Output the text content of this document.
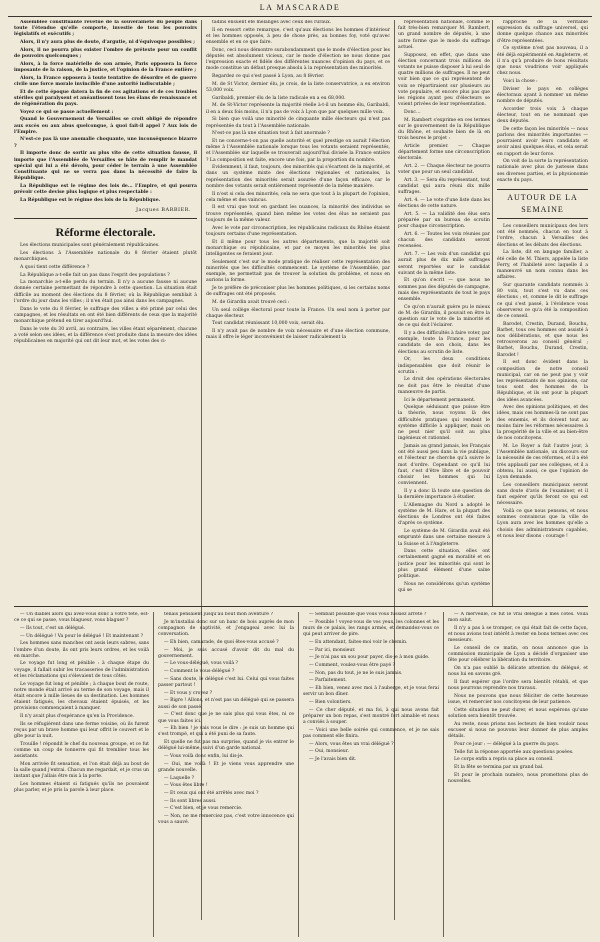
LA MASCARADE

Assemblée constituante revêtue de la souveraineté du peuple dans toute l'étendue qu'elle comporte, investie de tous les pouvoirs législatifs et exécutifs ;

Alors, il n'y aura plus de doute, d'argutie, ni d'équivoque possibles ;

Alors, il ne pourra plus exister l'ombre de prétexte pour un conflit de pouvoirs quelconques ;

Alors, à la force matérielle de son armée, Paris opposera la force imposante de la raison, de la justice, et l'opinion de la France entière ;

Alors, la France opposera à toute tentative de désordre et de guerre civile une force morale invincible d'une autorité indiscutable ;

Et de cette époque datera la fin de ces agitations et de ces troubles stériles qui paralysent et anéantissent tous les élans de renaissance et de régénération du pays.

Voyez ce qui se passe actuellement :

Quand le Gouvernement de Versailles se croit obligé de répondre aux excès ou aux abus quelconque, à quoi fait-il appel ? Aux lois de l'Empire.

N'est-ce pas là une anomalie choquante, une inconséquence bizarre ?

Il importe donc de sortir au plus vite de cette situation fausse, il importe que l'Assemblée de Versailles se hâte de remplir le mandat spécial qui lui a été dévolu, pour céder le terrain à une Assemblée Constituante qui ne se verra pas dans la nécessité de faire la République.

La République est le régime des lois de... l'Empire, et qui pourra prévoir cette devise plus logique et plus respectable :

La République est le régime des lois de la République.

Jacques BARBIER.
Réforme électorale.

Les élections municipales sont généralement républicaines.

Les élections à l'Assemblée nationale du 8 février étaient plutôt monarchiques.

A quoi tient cette différence ?

La République a-t-elle fait un pas dans l'esprit des populations ?

La monarchie a-t-elle perdu du terrain. Il n'y a aucune fausse ni aucune donnée certaine permettant de répondre à cette question. La situation était difficile au moment des élections du 8 février, où la République semblait à l'ordre du jour dans les villes ; il n'en était pas ainsi dans les campagnes.

Dans le vote du 8 février, le suffrage des villes a été primé par celui des campagnes, et les résultats en ont été bien différents de ceux que la majorité monarchique prétend en tirer aujourd'hui.

Dans le vote du 30 avril, au contraire, les villes étant séparément, chacune a voté selon ses idées, et la différence s'est produite dans la mesure des idées républicaines en majorité qui ont dit leur mot, et les votes des ci-

tadins ensuent été mélangés avec ceux des ruraux.

Il en ressort cette remarque, c'est qu'aux élections les hommes d'intérieur et les hommes opposés, à peu de chose près, au bonnes foy, voté qu'avec ensemble et en ce que faire.

Donc, ceci nous démontre surabondamment que le mode d'élection pour les députés est absolument vicieux, car le mode d'élection ne nous donne pas l'expression exacte et fidèle des différentes nuances d'opinion du pays, et ce mode constitue un défaut presque absolu à la représentation des minorités.

Regardez ce qui s'est passé à Lyon, au 8 février.

M. de St Victor, dernier élu, je crois, de la liste conservatrice, a eu environ 53,000 voix.

Garibaldi, premier élu de la liste radicale en a eu 68,000.

M. de St-Victor représente la majorité réelle à-t-il un homme élu, Garibaldi, il en a deux fois moins, il n'a pas de voix à Lyon que par quelques mille voix.

Si bien que voilà une minorité de cinquante mille électeurs qui n'est pas représentée du tout à l'Assemblée nationale.

N'est-ce pas là une situation tout à fait anormale ?

Et ne concerne-t-on pas quelle autorité et quel prestige on aurait l'élection même à l'Assemblée nationale lorsque tous les votants seraient représentés, et l'Assemblée sur laquelle se trouverait aujourd'hui divisée la France entière ? La composition est faite, encore une fois, par la proportion du nombre.

Evidemment, il faut, toujours, des minorités qui s'écartent de la majorité, et dans un système mixte des élections régionales et nationales, la représentation des minorités serait assurée d'une façon efficace, car le nombre des votants serait entièrement représenté de la même manière.

Il n'est si cela des minorités, cela ne sera que tout à la plupart de l'opinion, cela même et des vaincus.

Il est vrai que tout en gardant les nuances, la minorité des individus se trouve représentée, quand bien même les votes des élus ne seraient pas toujours de la même valeur.

Avec le vote par circonscription, les républicains radicaux du Rhône étaient toujours certains d'une représentation.

Et il même pour tous les autres départements, que la majorité soit monarchique ou républicaine, et par ce moyen les minorités les plus intelligentes se feraient jour.

Seulement c'est sur le mode pratique de réaliser cette représentation des minorités que les difficultés commencent. Le système de l'Assemblée, par exemple, ne permettait pas de trouver la solution du problème, et nous en aurions la forme.

Je te préfère de préconiser plus les hommes politiques, si les certains noms de suffrages ont été proposés.

M. de Girardin avait trouvé ceci :

Un seul collège électoral pour toute la France. Un seul nom à porter par chaque électeur.

Tout candidat réunissant 10,000 voix, serait élu.

Il n'y avait pas de nombre de voix nécessaire et d'une élection commune, mais il offre le léger inconvénient de laisser radicalement la

représentation nationale, comme le fait très-bien remarquer M. Rambert, un grand nombre de députés, à une autre forme que le mode du suffrage actuel.

Supposez, en effet, que dans une élection concernant trois millions de votants ne puisse disposer à lui seul de quatre millions de suffrages. Il ne peut voir bien que ce qui représentent de voix se répartiraient sur plusieurs au vote populaire, et encore plus pas que les régions ayant peu d'électeurs se voient privées de leur représentation.

Donc…

M. Rambert s'exprime en ces termes sur le gouvernement de la République du Rhône, et souhaite bien de là en trois heures le projet :

Article premier. — Chaque département forme une circonscription électorale.

Art. 2. — Chaque électeur ne pourra voter que pour un seul candidat.

Art. 3. — Sera élu représentant, tout candidat qui aura réuni dix mille suffrages.

Art. 4. — Le vote d'une liste dans les élections de cette nature.

Art. 5. — La validité des élus sera préparée par un bureau de scrutin pour chaque circonscription.

Art. 6. — Toutes les voix réunies par chacun des candidats seront recensées.

Art. 7. — Les voix d'un candidat qui aurait plus de dix mille suffrages seront reportées sur le candidat suivant de la même liste.

Et qu'on s'ecrit — que nous ne sommes pas des députés de campagne, mais des représentants de tout le pays ensemble.

Ce qu'on n'aurait guère pu le mieux de M. de Girardin, il pouvait en être la question sur le vote de la minorité et de ce qui doit l'éclairer.

Il y a des difficultés à faire voter, par exemple, toute la France, pour les candidats de son choix, dans les élections au scrutin de liste.

Or, les deux conditions indispensables que doit réunir le scrutin :

Le droit des opérations électorales ne doit pas être le résultat d'une manœuvre de partis.

Ici le département permanent.

Quelque séduisant que puisse être la théorie, nous voyons là des difficultés pratiques qui rendent le système difficile à appliquer, mais on ne peut nier qu'il soit au plus ingénieux et rationnel.

Jamais au grand jamais, les Français ont été aussi peu dans la vie publique, et l'électeur ne cherche qu'à suivre le mot d'ordre. Cependant ce qu'il lui faut, c'est d'être libre et de pouvoir choisir les hommes qui lui conviennent.

Il y a donc là toute une question de la dernière importance à étudier.

L'Allemagne du Nord a adopté le système de M. Hare, et la plupart des élections de Londres ont été faites d'après ce système.

Le système de M. Girardin avait été emprunté dans une certaine mesure à la Suisse et à l'Angleterre.

Dans cette situation, elles ont certainement gagné en moralité et en justice pour les minorités qui sont le plus grand élément d'une saine politique.

Nous ne considérons qu'un système qui se

rapproche de la véritable expression du suffrage universel, qui donne quelque chance aux minorités d'être représentées.

Ce système n'est pas nouveau, il a été déjà expérimenté en Angleterre, et il n'a qu'à produire de bons résultats que nous voudrions voir appliqués chez nous.

Voici la chose :

Diviser le pays en collèges électoraux ayant à nommer un même nombre de députés.

Accorder trois voix à chaque électeur, tout en ne nommant que deux députés.

De cette façon les minorités — nous parlons des minorités importantes — pourraient avoir leurs candidats et avoir ainsi quelques élus, et cela serait en rapport de leur force.

On voit de la sorte la représentation nationale avec plus de justesse dans ses diverses parties, et la physionomie exacte du pays.

AUTOUR DE LA SEMAINE

Les conseillers municipaux des lors ont été nommés, chacun en tout à l'ordre, chacun à Versailles des élections et les débats des élections.

La liste, dit en langage familier, a été celle de M. Thiers, appelée la liste Ferry, et l'habileté avec laquelle il a manœuvré un nom connu dans les affaires.

Sur quarante candidats nommés à 80 voix, tout s'est vu dans ces élections ; et, comme le dit le suffrage ce qui s'est passé, à l'évidence vous observerez ce qu'a été la composition de ce conseil.

Barodet, Crestin, Durand, Bouchu, Barbet, tous ces hommes ont assisté à nos délibérations, et que nous les retrouverons au conseil général ; Barbet, Bouchu, Durand, Crestin, Barodet !

Il est donc évident dans la composition de notre conseil municipal, car on ne peut pas y voir les représentants de nos opinions, car tous sont des hommes de la République, et ils ont pour la plupart des idées avancées.

Avec des opinions politiques, et des idées, mais ces hommes-là ne sont pas des ennemis, et ils doivent tout au moins faire les réformes nécessaires à la prospérité de la ville et au bien-être de nos concitoyens.

M. Le Royer a fait l'autre jour, à l'Assemblée nationale, un discours sur la nécessité de ces réformes, et il a été très applaudi par ses collègues, et il a obtenu, lui aussi, ce que l'opinion de Lyon demande.

Les conseillers municipaux seront sans doute d'avis de l'examiner, et il faut espérer qu'ils feront ce qui est nécessaire.

Voilà ce que nous pensons, et nous sommes convaincus que la ville de Lyon aura avec les hommes qu'elle a choisis des administrateurs capables, et nous leur disons : courage !

— Un diablel alors qui avez-vous donc à votre tête, est-ce ce qui se passe, vous blagueur, vous blaguer ?

— Ils tout, c'est un délégué.

— Un délégué ! Va pour le délégué ! Et maintenant ?

Les hommes sans manches ont assis leurs sabres, sans l'ombre d'un doute, ils ont pris leurs ordres, et les voilà en marche.

Le voyage fut long et pénible : à chaque étape du voyage, il fallait subir les tracasseries de l'administration et les réclamations qui s'élevaient de tous côtés.

Le voyage fut long et pénible ; à chaque bout de route, notre monde était arrivé au terme de son voyage, mais il était encore à mille lieues de sa destination. Les hommes étaient fatigués, les chevaux étaient épuisés, et les provisions commençaient à manquer.

Il n'y avait plus d'espérance qu'en la Providence.

Ils se réfugièrent dans une ferme voisine, où ils furent reçus par un brave homme qui leur offrit le couvert et le gîte pour la nuit.

Trouille ! répondit le chef du nouveau groupe, et ce fut comme un coup de tonnerre qui fit trembler tous les assistants.

Mon arrivée fit sensation, et l'on était déjà au bout de la salle quand j'entrai. Chacun me regardait, et je crus un instant que j'allais être mis à la porte.

Les hommes étaient si fatigués qu'ils ne pouvaient plus parler, et je pris la parole à leur place.

tenais pensaient jusqu'au bout mon aventure ?

Je m'installai donc sur un banc de bois auprès de mon compagnon de captivité, et j'engageai avec lui la conversation.

— Eh bien, camarade, de quoi êtes-vous accusé ?

— Moi, je suis accusé d'avoir dit du mal du gouvernement.

— Le vous-délégué, vous voilà ?

— Comment le vous-délégué ?

— Sans doute, le délégué c'est lui. Celui qui vous faites passer partout !

— Et vous y croyez ?

— Bigre ! Allons, et n'est pas un délégué qui se passera aussi de son passé.

— C'est donc que je ne sais plus qui vous êtes, ni ce que vous faites ici.

— Eh bien ! je vais vous le dire : je suis un homme qui s'est trompé, et qui a été puni de sa faute.

Et quelle ne fut pas ma surprise, quand je vis entrer le délégué lui-même, suivi d'un garde national.

— Vous voilà donc enfin, lui dis-je.

— Oui, me voilà ! Et je viens vous apprendre une grande nouvelle.

— Laquelle ?

— Vous êtes libre !

— Et ceux qui ont été arrêtés avec moi ?

— Ils sont libres aussi.

— C'est bien, et je vous remercie.

— Non, ne me remerciez pas, c'est votre innocence qui vous a sauvé.

— Sembait possible que vous vous fussiez arrêté ?

— Possible ! voyez-vous de vos yeux, les colonnes et les murs de ce palais, les rangs armés, et demandez-vous ce qui peut arriver de pire.

— En attendant, faites-moi voir le chemin.

— Par ici, monsieur.

— Je n'ai pas un sou pour payer, dis-je à mon guide.

— Comment, voulez-vous être payé ?

— Non, pas du tout, je ne le suis jamais.

— Parfaitement.

— Eh bien, venez avec moi à l'auberge, et je vous ferai servir un bon dîner.

— Bien volontiers.

— Ce cher député, et ma foi, à qui nous avons fait préparer un bon repas, s'est montré fort aimable et nous a conviés à souper.

— Voici une belle soirée qui commence, et je ne sais pas comment elle finira.

— Alors, vous êtes un vrai délégué ?

— Oui, monsieur.

— Je l'avais bien dit.

— A merveille, ce fut le vrai délégué à mes côtés. Voilà mon salut.

Il n'y a pas à se tromper, ce qui était fait de cette façon, et nous avions tout intérêt à rester en bons termes avec ces messieurs.

Le conseil de ce matin, on nous annonce que la commission municipale de Lyon a décidé d'organiser une fête pour célébrer la libération du territoire.

On n'a pas oublié la délicate attention du délégué, et nous lui en savons gré.

Il faut espérer que l'ordre sera bientôt rétabli, et que nous pourrons reprendre nos travaux.

Nous ne pouvons que nous féliciter de cette heureuse issue, et remercier nos concitoyens de leur patience.

Cette situation ne peut durer, et nous espérons qu'une solution sera bientôt trouvée.

Au reste, nous prions nos lecteurs de bien vouloir nous excuser si nous ne pouvons leur donner de plus amples détails.

Pour ce jour : — délégué à la guerre du pays.

Telle fut la réponse apportée aux questions posées.

Le corps enfin a repris sa place au conseil.

Et la fête se termina par un grand bal.

Et pour le prochain numéro, nous promettons plus de nouvelles.
